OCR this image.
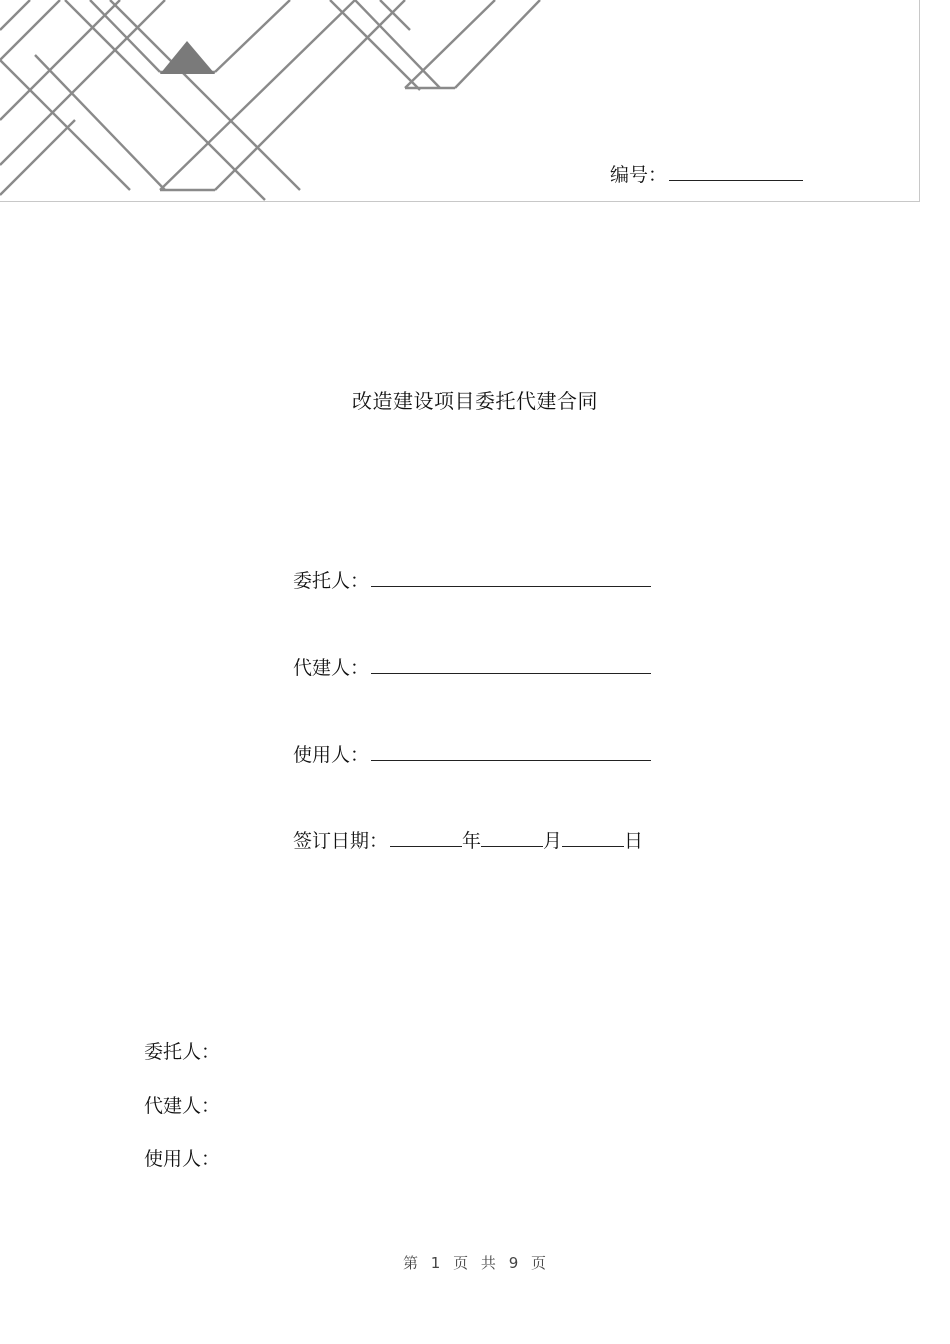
编号：
改造建设项目委托代建合同
委托人：
代建人：
使用人：
签订日期：	年	月	日
委托人：
代建人：
使用人：
第 1 页 共 9 页
